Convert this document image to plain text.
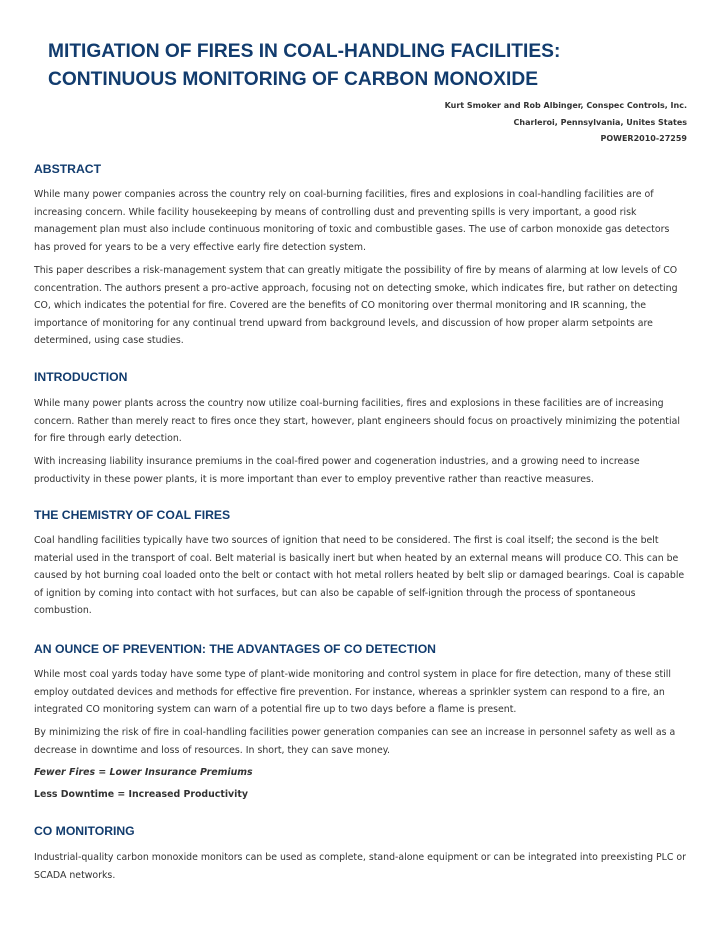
MITIGATION OF FIRES IN COAL-HANDLING FACILITIES:
CONTINUOUS MONITORING OF CARBON MONOXIDE
Kurt Smoker and Rob Albinger, Conspec Controls, Inc.
Charleroi, Pennsylvania, Unites States
POWER2010-27259
ABSTRACT

While many power companies across the country rely on coal-burning facilities, fires and explosions in coal-handling facilities are of increasing concern. While facility housekeeping by means of controlling dust and preventing spills is very important, a good risk management plan must also include continuous monitoring of toxic and combustible gases. The use of carbon monoxide gas detectors has proved for years to be a very effective early fire detection system.

This paper describes a risk-management system that can greatly mitigate the possibility of fire by means of alarming at low levels of CO concentration. The authors present a pro-active approach, focusing not on detecting smoke, which indicates fire, but rather on detecting CO, which indicates the potential for fire. Covered are the benefits of CO monitoring over thermal monitoring and IR scanning, the importance of monitoring for any continual trend upward from background levels, and discussion of how proper alarm setpoints are determined, using case studies.

INTRODUCTION

While many power plants across the country now utilize coal-burning facilities, fires and explosions in these facilities are of increasing concern. Rather than merely react to fires once they start, however, plant engineers should focus on proactively minimizing the potential for fire through early detection.

With increasing liability insurance premiums in the coal-fired power and cogeneration industries, and a growing need to increase productivity in these power plants, it is more important than ever to employ preventive rather than reactive measures.

THE CHEMISTRY OF COAL FIRES

Coal handling facilities typically have two sources of ignition that need to be considered. The first is coal itself; the second is the belt material used in the transport of coal. Belt material is basically inert but when heated by an external means will produce CO. This can be caused by hot burning coal loaded onto the belt or contact with hot metal rollers heated by belt slip or damaged bearings. Coal is capable of ignition by coming into contact with hot surfaces, but can also be capable of self-ignition through the process of spontaneous combustion.

AN OUNCE OF PREVENTION: THE ADVANTAGES OF CO DETECTION

While most coal yards today have some type of plant-wide monitoring and control system in place for fire detection, many of these still employ outdated devices and methods for effective fire prevention. For instance, whereas a sprinkler system can respond to a fire, an integrated CO monitoring system can warn of a potential fire up to two days before a flame is present.

By minimizing the risk of fire in coal-handling facilities power generation companies can see an increase in personnel safety as well as a decrease in downtime and loss of resources. In short, they can save money.

Fewer Fires = Lower Insurance Premiums

Less Downtime = Increased Productivity

CO MONITORING

Industrial-quality carbon monoxide monitors can be used as complete, stand-alone equipment or can be integrated into preexisting PLC or SCADA networks.
